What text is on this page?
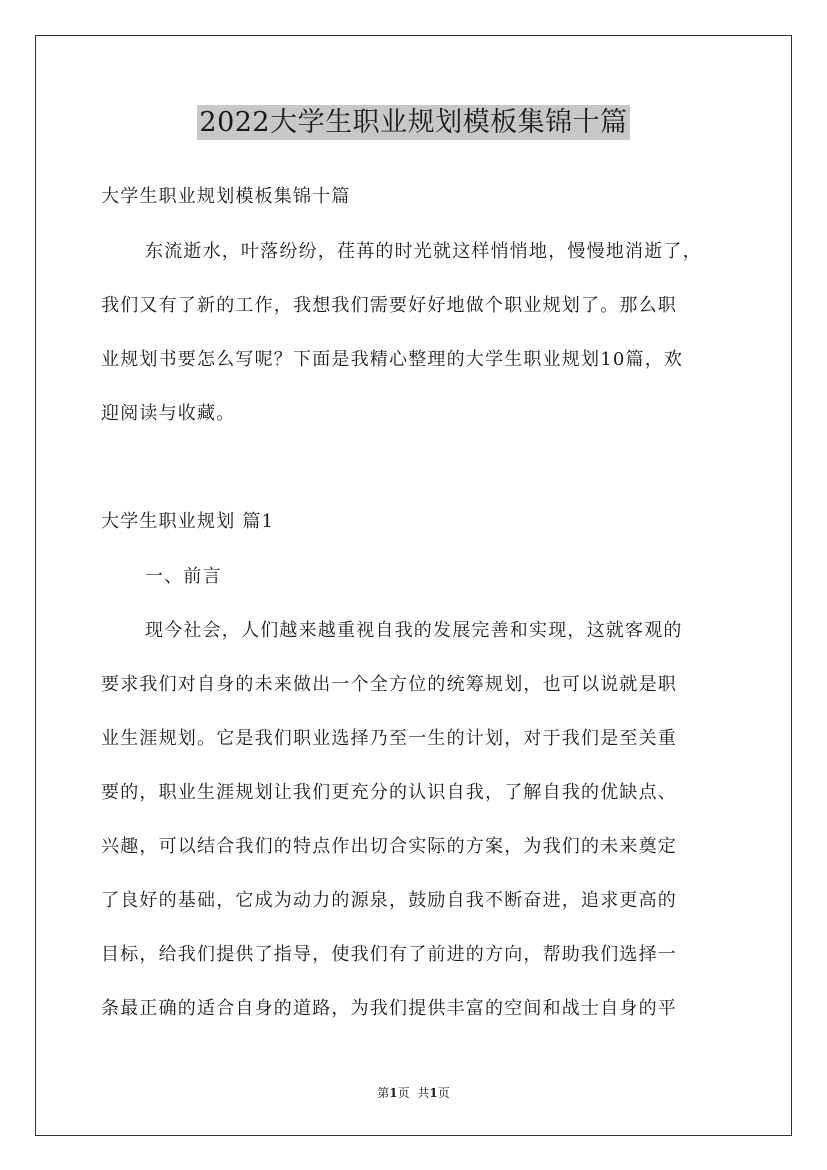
2022大学生职业规划模板集锦十篇
大学生职业规划模板集锦十篇
东流逝水，叶落纷纷，荏苒的时光就这样悄悄地，慢慢地消逝了，
我们又有了新的工作，我想我们需要好好地做个职业规划了。那么职
业规划书要怎么写呢？下面是我精心整理的大学生职业规划10篇，欢
迎阅读与收藏。
大学生职业规划 篇1
一、前言
现今社会，人们越来越重视自我的发展完善和实现，这就客观的
要求我们对自身的未来做出一个全方位的统筹规划，也可以说就是职
业生涯规划。它是我们职业选择乃至一生的计划，对于我们是至关重
要的，职业生涯规划让我们更充分的认识自我，了解自我的优缺点、
兴趣，可以结合我们的特点作出切合实际的方案，为我们的未来奠定
了良好的基础，它成为动力的源泉，鼓励自我不断奋进，追求更高的
目标，给我们提供了指导，使我们有了前进的方向，帮助我们选择一
条最正确的适合自身的道路，为我们提供丰富的空间和战士自身的平
第1页 共1页
